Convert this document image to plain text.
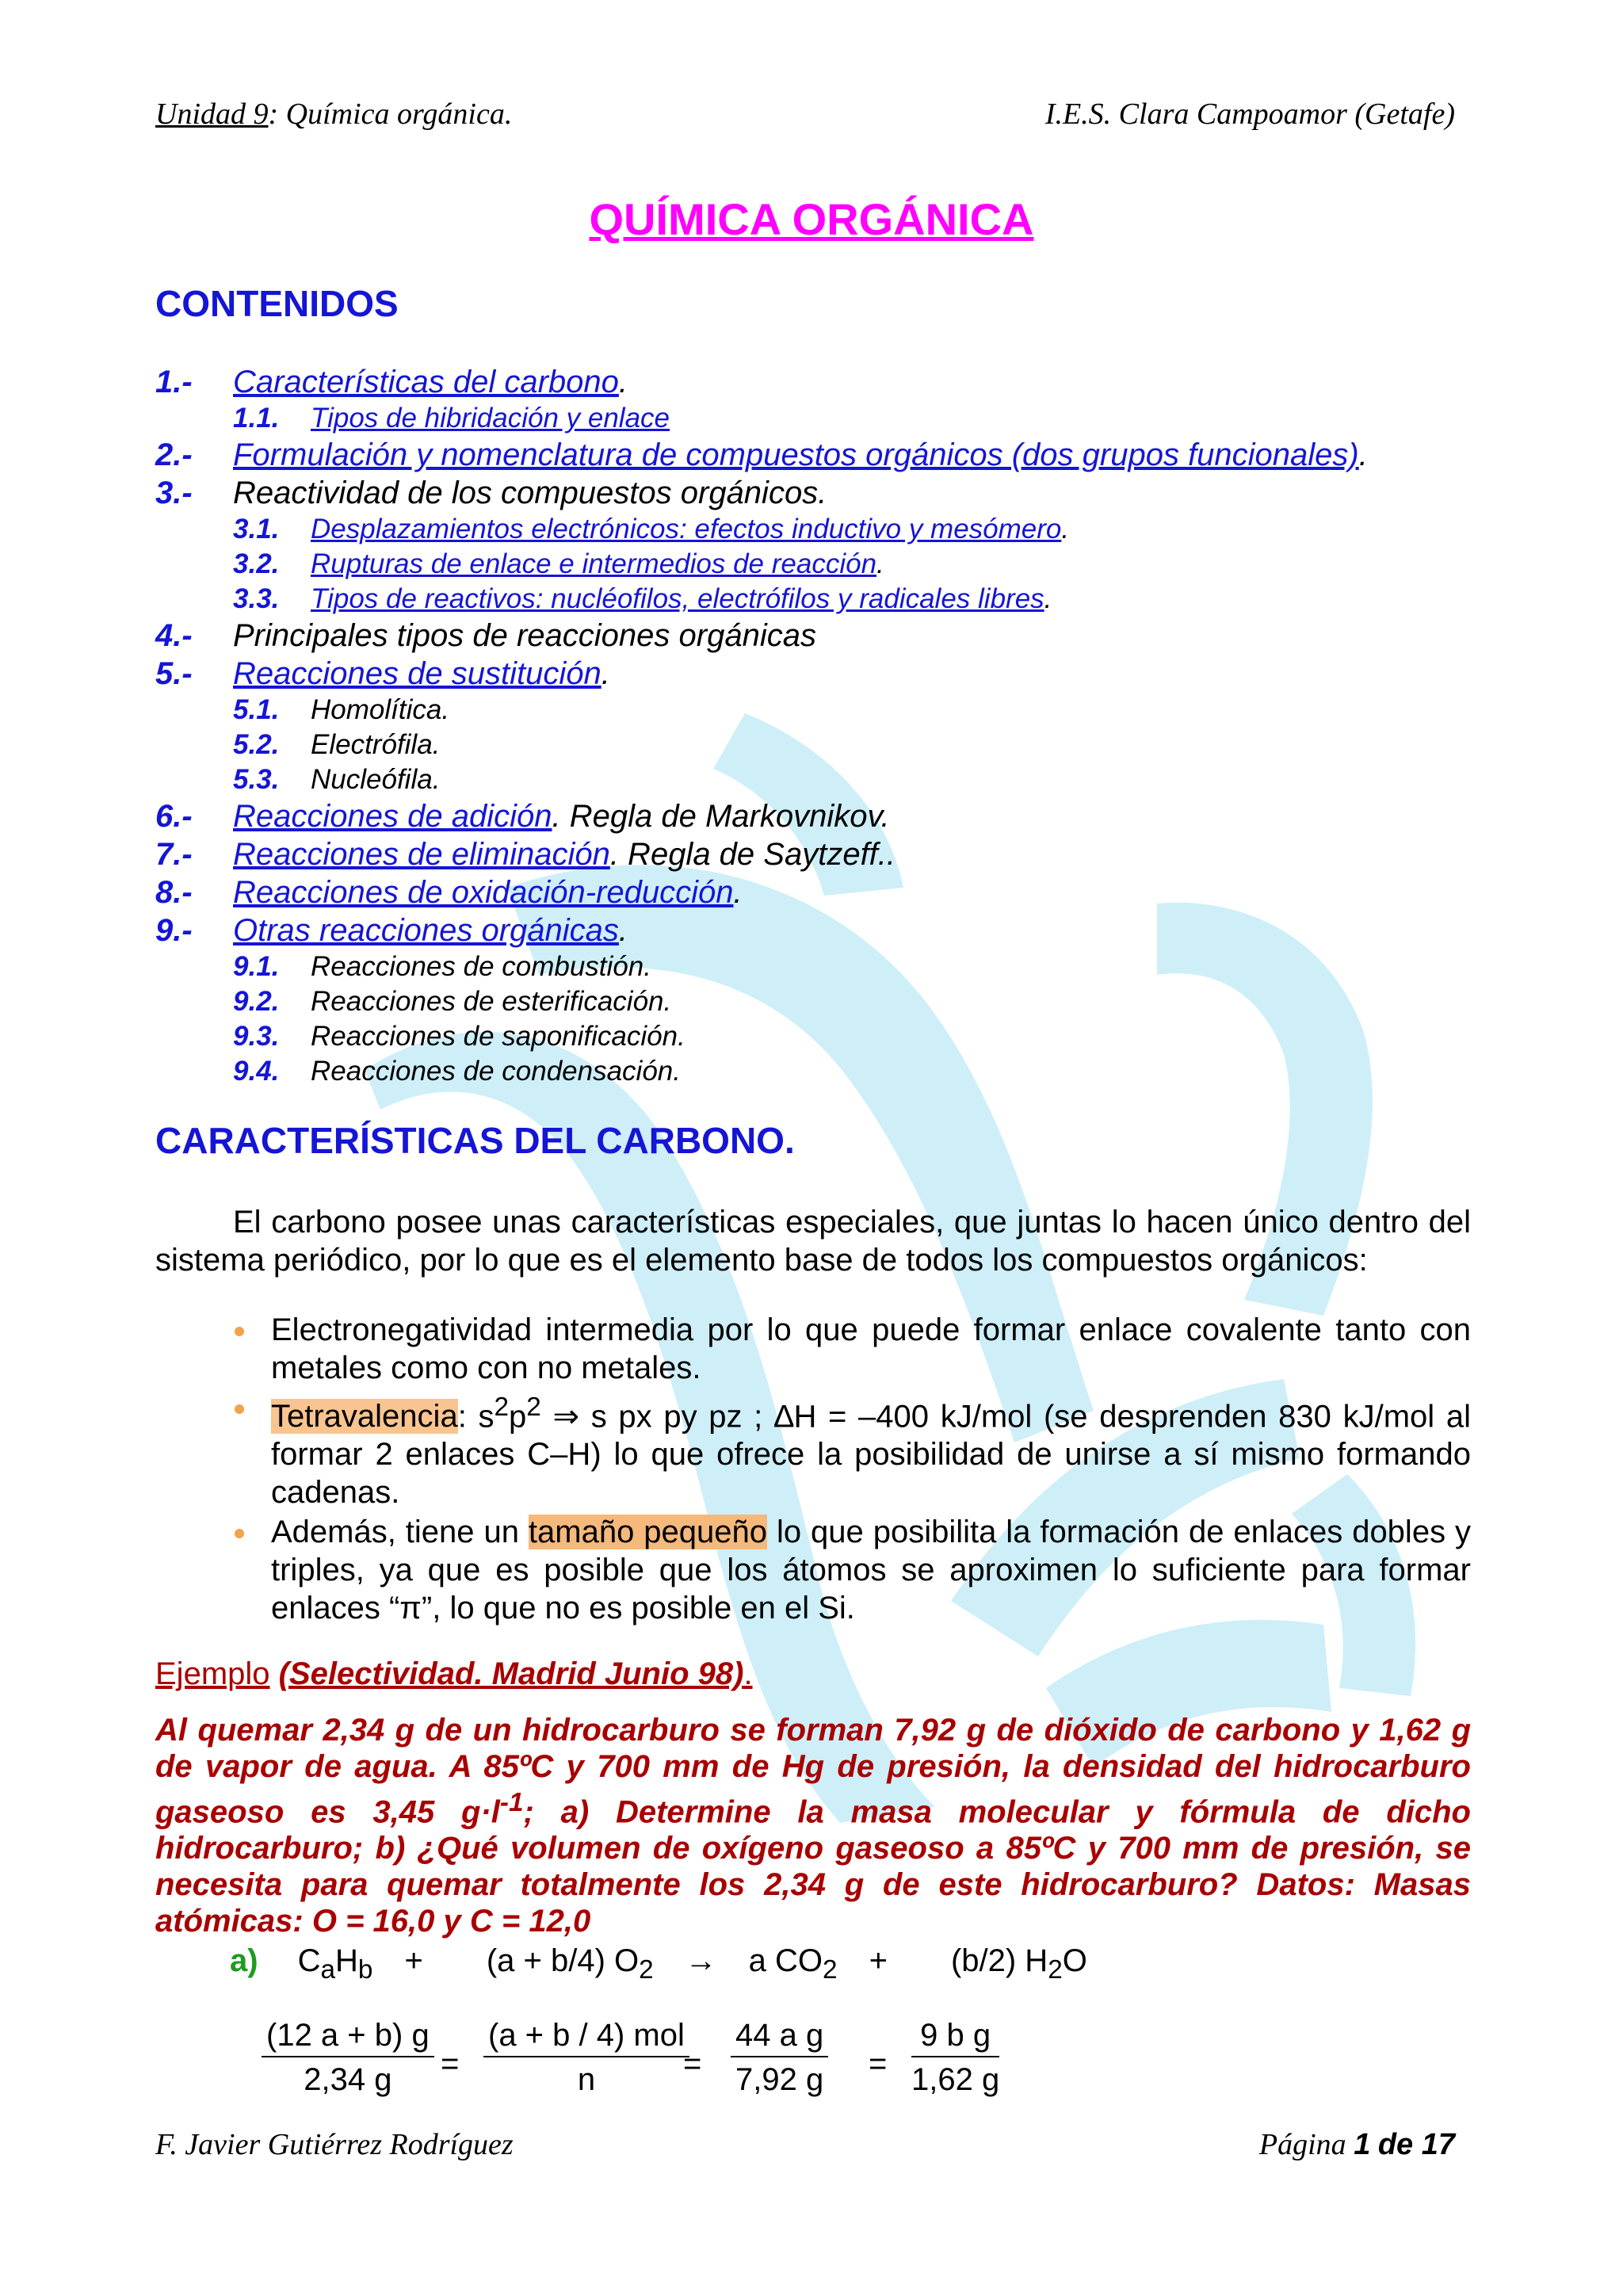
Unidad 9: Química orgánica.	I.E.S. Clara Campoamor (Getafe)
QUÍMICA ORGÁNICA
CONTENIDOS
1.- Características del carbono.
1.1. Tipos de hibridación y enlace
2.- Formulación y nomenclatura de compuestos orgánicos (dos grupos funcionales).
3.- Reactividad de los compuestos orgánicos.
3.1. Desplazamientos electrónicos: efectos inductivo y mesómero.
3.2. Rupturas de enlace e intermedios de reacción.
3.3. Tipos de reactivos: nucléofilos, electrófilos y radicales libres.
4.- Principales tipos de reacciones orgánicas
5.- Reacciones de sustitución.
5.1. Homolítica.
5.2. Electrófila.
5.3. Nucleófila.
6.- Reacciones de adición. Regla de Markovnikov.
7.- Reacciones de eliminación. Regla de Saytzeff..
8.- Reacciones de oxidación-reducción.
9.- Otras reacciones orgánicas.
9.1. Reacciones de combustión.
9.2. Reacciones de esterificación.
9.3. Reacciones de saponificación.
9.4. Reacciones de condensación.
CARACTERÍSTICAS DEL CARBONO.
El carbono posee unas características especiales, que juntas lo hacen único dentro del sistema periódico, por lo que es el elemento base de todos los compuestos orgánicos:
Electronegatividad intermedia por lo que puede formar enlace covalente tanto con metales como con no metales.
Tetravalencia: $s^2p^2$ ⇒ s px py pz ; ∆H = –400 kJ/mol (se desprenden 830 kJ/mol al formar 2 enlaces C–H) lo que ofrece la posibilidad de unirse a sí mismo formando cadenas.
Además, tiene un tamaño pequeño lo que posibilita la formación de enlaces dobles y triples, ya que es posible que los átomos se aproximen lo suficiente para formar enlaces “π”, lo que no es posible en el Si.
Ejemplo (Selectividad. Madrid Junio 98).
Al quemar 2,34 g de un hidrocarburo se forman 7,92 g de dióxido de carbono y 1,62 g de vapor de agua. A 85ºC y 700 mm de Hg de presión, la densidad del hidrocarburo gaseoso es 3,45 $g\cdot l^{-1}$; a) Determine la masa molecular y fórmula de dicho hidrocarburo; b) ¿Qué volumen de oxígeno gaseoso a 85ºC y 700 mm de presión, se necesita para quemar totalmente los 2,34 g de este hidrocarburo? Datos: Masas atómicas: O = 16,0 y C = 12,0
a) $C_aH_b + (a + b/4) O_2 \to a$ $CO_2 + (b/2)$ $H_2O$
$\frac{(12 a + b) g}{2,34 g}$ =
(a + b / 4) mol
n	= $\frac{\text{44 a g}}{7,92 g} = \frac{\text{9 b g}}{1,62 g}$
F. Javier Gutiérrez Rodríguez	Página 1 de 17
